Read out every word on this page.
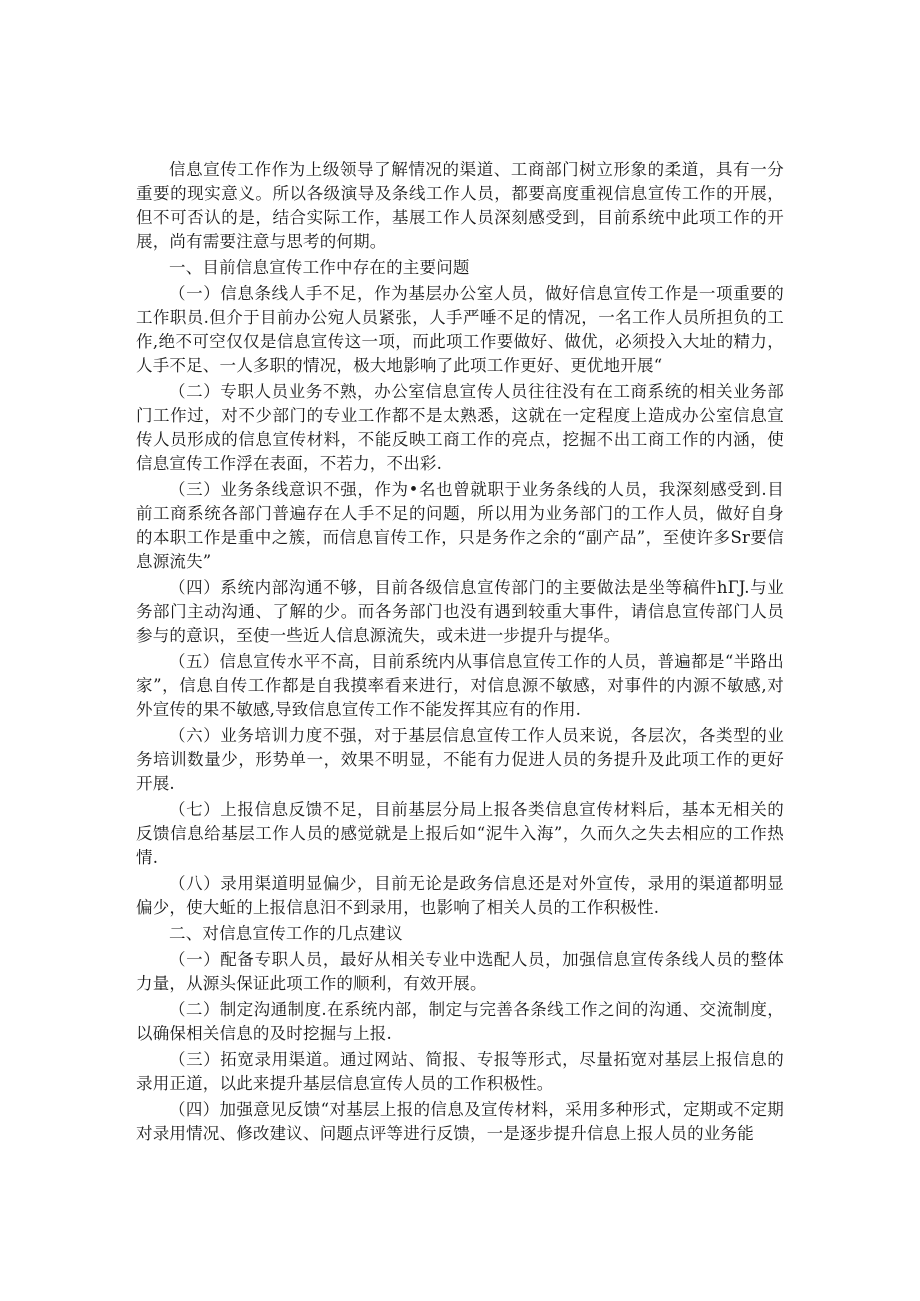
信息宣传工作作为上级领导了解情况的渠道、工商部门树立形象的柔道，具有一分重要的现实意义。所以各级演导及条线工作人员，都要高度重视信息宣传工作的开展，但不可否认的是，结合实际工作，基展工作人员深刻感受到，目前系统中此项工作的开展，尚有需要注意与思考的何期。

一、目前信息宣传工作中存在的主要问题

（一）信息条线人手不足，作为基层办公室人员，做好信息宣传工作是一项重要的工作职员.但介于目前办公宛人员紧张，人手严唾不足的情况，一名工作人员所担负的工作,绝不可空仅仅是信息宣传这一项，而此项工作要做好、做优，必须投入大址的精力，人手不足、一人多职的情况，极大地影响了此项工作更好、更优地开展“

（二）专职人员业务不熟，办公室信息宣传人员往往没有在工商系统的相关业务部门工作过，对不少部门的专业工作都不是太熟悉，这就在一定程度上造成办公室信息宣传人员形成的信息宣传材料，不能反映工商工作的亮点，挖掘不出工商工作的内涵，使信息宣传工作浮在表面，不若力，不出彩.

（三）业务条线意识不强，作为•名也曾就职于业务条线的人员，我深刻感受到.目前工商系统各部门普遍存在人手不足的问题，所以用为业务部门的工作人员，做好自身的本职工作是重中之簇，而信息盲传工作，只是务作之余的“副产品”，至使许多Sr要信息源流失”

（四）系统内部沟通不够，目前各级信息宣传部门的主要做法是坐等稿件hГJ.与业务部门主动沟通、了解的少。而各务部门也没有遇到较重大事件，请信息宣传部门人员参与的意识，至使一些近人信息源流失，或未进一步提升与提华。

（五）信息宣传水平不高，目前系统内从事信息宣传工作的人员，普遍都是“半路出家”，信息自传工作都是自我摸率看来进行，对信息源不敏感，对事件的内源不敏感,对外宣传的果不敏感,导致信息宣传工作不能发挥其应有的作用.

（六）业务培训力度不强，对于基层信息宣传工作人员来说，各层次，各类型的业务培训数量少，形势单一，效果不明显，不能有力促进人员的务提升及此项工作的更好开展.

（七）上报信息反馈不足，目前基层分局上报各类信息宣传材料后，基本无相关的反馈信息给基层工作人员的感觉就是上报后如“泥牛入海”，久而久之失去相应的工作热情.

（八）录用渠道明显偏少，目前无论是政务信息还是对外宣传，录用的渠道都明显偏少，使大蚯的上报信息汨不到录用，也影响了相关人员的工作积极性.

二、对信息宣传工作的几点建议

（一）配备专职人员，最好从相关专业中选配人员，加强信息宣传条线人员的整体力量，从源头保证此项工作的顺利，有效开展。

（二）制定沟通制度.在系统内部，制定与完善各条线工作之间的沟通、交流制度，以确保相关信息的及时挖掘与上报.

（三）拓宽录用渠道。通过网站、简报、专报等形式，尽量拓宽对基层上报信息的录用正道，以此来提升基层信息宣传人员的工作积极性。

（四）加强意见反馈“对基层上报的信息及宣传材料，采用多种形式，定期或不定期对录用情况、修改建议、问题点评等进行反馈，一是逐步提升信息上报人员的业务能
